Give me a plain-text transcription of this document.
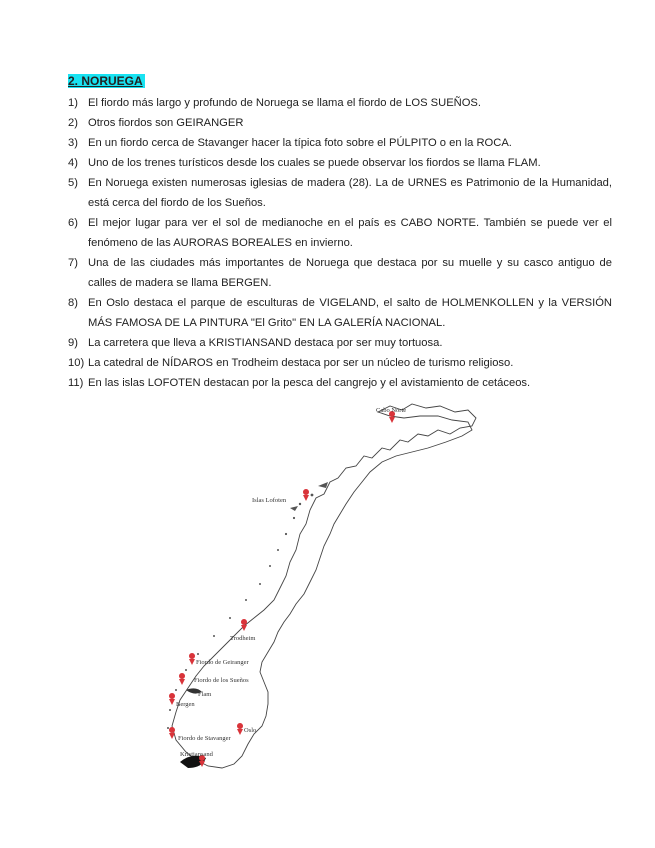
2. NORUEGA
1) El fiordo más largo y profundo de Noruega se llama el fiordo de LOS SUEÑOS.
2) Otros fiordos son GEIRANGER
3) En un fiordo cerca de Stavanger hacer la típica foto sobre el PÚLPITO o en la ROCA.
4) Uno de los trenes turísticos desde los cuales se puede observar los fiordos se llama FLAM.
5) En Noruega existen numerosas iglesias de madera (28). La de URNES es Patrimonio de la Humanidad, está cerca del fiordo de los Sueños.
6) El mejor lugar para ver el sol de medianoche en el país es CABO NORTE. También se puede ver el fenómeno de las AURORAS BOREALES en invierno.
7) Una de las ciudades más importantes de Noruega que destaca por su muelle y su casco antiguo de calles de madera se llama BERGEN.
8) En Oslo destaca el parque de esculturas de VIGELAND, el salto de HOLMENKOLLEN y la VERSIÓN MÁS FAMOSA DE LA PINTURA "El Grito" EN LA GALERÍA NACIONAL.
9) La carretera que lleva a KRISTIANSAND destaca por ser muy tortuosa.
10) La catedral de NÍDAROS en Trodheim destaca por ser un núcleo de turismo religioso.
11) En las islas LOFOTEN destacan por la pesca del cangrejo y el avistamiento de cetáceos.
Cabo Norte
Islas Lofoten
Trodheim
Fiordo de Geiranger
Fiordo de los Sueños
Flam
Bergen
Fiordo de Stavanger
Oslo
Kristiansand
